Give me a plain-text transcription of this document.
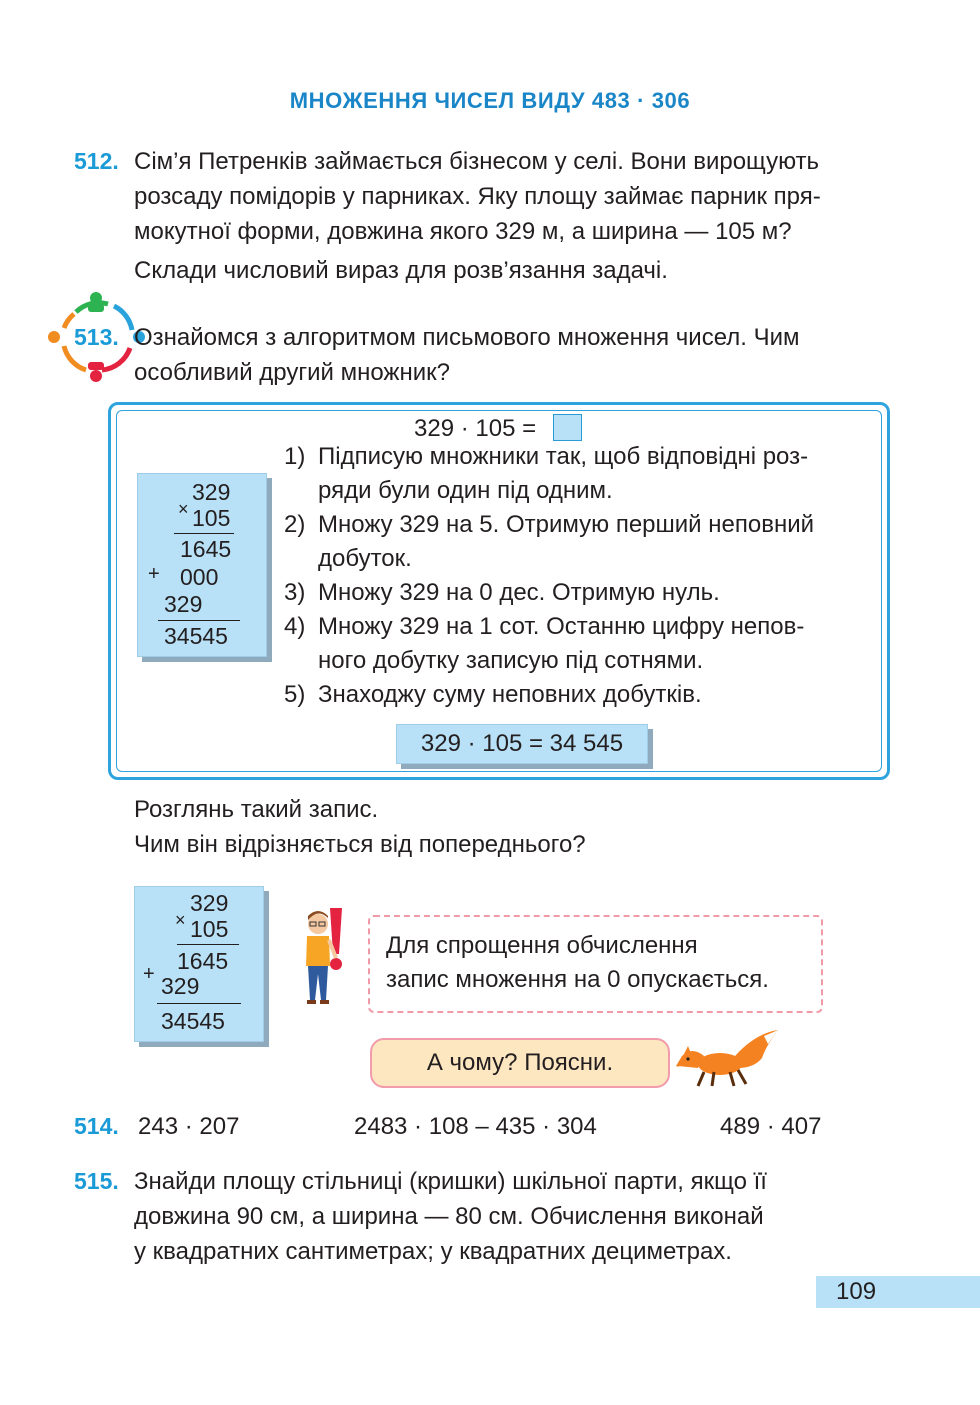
МНОЖЕННЯ ЧИСЕЛ ВИДУ 483 · 306
512. Сім’я Петренків займається бізнесом у селі. Вони вирощують
розсаду помідорів у парниках. Яку площу займає парник пря-
мокутної форми, довжина якого 329 м, а ширина — 105 м?
Склади числовий вираз для розв’язання задачі.
513. Ознайомся з алгоритмом письмового множення чисел. Чим
особливий другий множник?
329 · 105 =
329
× 105
1645
+ 000
329
34545
1) Підписую множники так, щоб відповідні роз-
ряди були один під одним.
2) Множу 329 на 5. Отримую перший неповний
добуток.
3) Множу 329 на 0 дес. Отримую нуль.
4) Множу 329 на 1 сот. Останню цифру непов-
ного добутку записую під сотнями.
5) Знаходжу суму неповних добутків.
329 · 105 = 34 545
Розглянь такий запис.
Чим він відрізняється від попереднього?
329
× 105
1645
+ 329
34545

Для спрощення обчислення

запис множення на 0 опускається.

А чому? Поясни.
514. 243 · 207	2483 · 108 – 435 · 304	489 · 407
515. Знайди площу стільниці (кришки) шкільної парти, якщо її
довжина 90 см, а ширина — 80 см. Обчислення виконай
у квадратних сантиметрах; у квадратних дециметрах.
109
